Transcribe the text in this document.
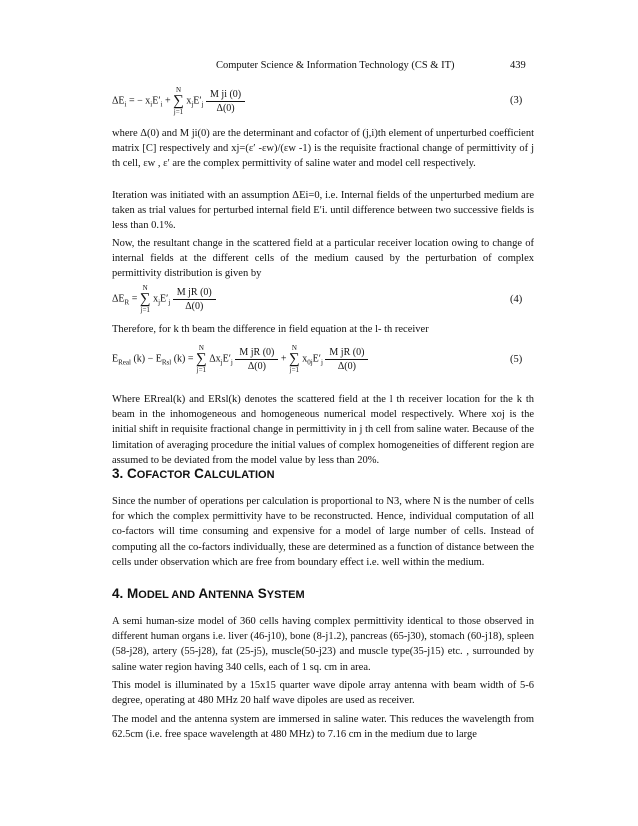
Computer Science & Information Technology (CS & IT)	439
$\Delta E_i$ = − $x_iE'_i + N$
∑
j=1 $x_jE'_j \frac{\text{M ji (0)}}{\Delta(0)}$	(3)
where Δ(0) and M ji(0) are the determinant and cofactor of (j,i)th element of unperturbed coefficient matrix [C] respectively and xj=(ε′ -εw)/(εw -1) is the requisite fractional change of permittivity of j th cell, εw , ε′ are the complex permittivity of saline water and model cell respectively.
Iteration was initiated with an assumption ΔEi=0, i.e. Internal fields of the unperturbed medium are taken as trial values for perturbed internal field E′i. until difference between two successive fields is less than 0.1%.
Now, the resultant change in the scattered field at a particular receiver location owing to change of internal fields at the different cells of the medium caused by the perturbation of complex permittivity distribution is given by
$\Delta E_R = N$
∑
j=1 $x_jE'_j \frac{\text{M jR (0)}}{\Delta(0)}$	(4)
Therefore, for k th beam the difference in field equation at the l- th receiver
$E_{Real}$ $(k) - E_{Rsl}$ (k) = N
∑
j=1 $\Delta x_jE'_j \frac{\text{M jR (0)}}{\Delta(0)} + N$
∑
j=1 $x_{0j}E'_j \frac{\text{M jR (0)}}{\Delta(0)}$	(5)
Where ERreal(k) and ERsl(k) denotes the scattered field at the l th receiver location for the k th beam in the inhomogeneous and homogeneous numerical model respectively. Where xoj is the initial shift in requisite fractional change in permittivity in j th cell from saline water. Because of the limitation of averaging procedure the initial values of complex homogeneities of different region are assumed to be deviated from the model value by less than 20%.
3. COFACTOR CALCULATION
Since the number of operations per calculation is proportional to N3, where N is the number of cells for which the complex permittivity have to be reconstructed. Hence, individual computation of all co-factors will time consuming and expensive for a model of large number of cells. Instead of computing all the co-factors individually, these are determined as a function of distance between the cells under observation which are free from boundary effect i.e. well within the medium.
4. MODEL AND ANTENNA SYSTEM
A semi human-size model of 360 cells having complex permittivity identical to those observed in different human organs i.e. liver (46-j10), bone (8-j1.2), pancreas (65-j30), stomach (60-j18), spleen (58-j28), artery (55-j28), fat (25-j5), muscle(50-j23) and muscle type(35-j15) etc. , surrounded by saline water region having 340 cells, each of 1 sq. cm in area.
This model is illuminated by a 15x15 quarter wave dipole array antenna with beam width of 5-6 degree, operating at 480 MHz 20 half wave dipoles are used as receiver.
The model and the antenna system are immersed in saline water. This reduces the wavelength from 62.5cm (i.e. free space wavelength at 480 MHz) to 7.16 cm in the medium due to large
